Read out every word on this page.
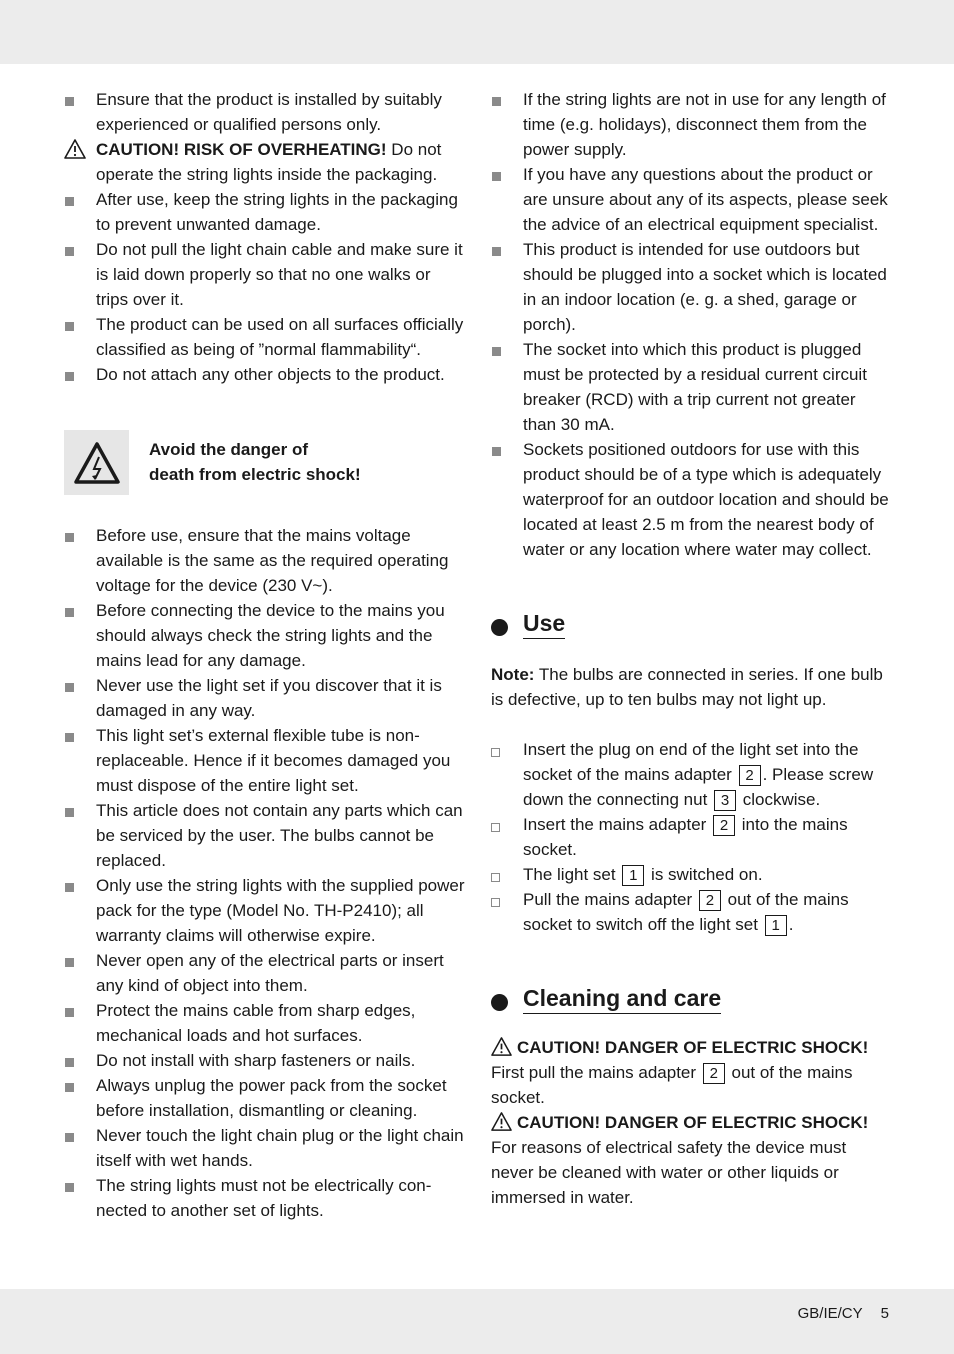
Ensure that the product is installed by suitably experienced or qualified persons only.

CAUTION! RISK OF OVERHEATING! Do not operate the string lights inside the packaging.

After use, keep the string lights in the packaging to prevent unwanted damage.

Do not pull the light chain cable and make sure it is laid down properly so that no one walks or trips over it.

The product can be used on all surfaces officially classified as being of ”normal flammability“.

Do not attach any other objects to the product.

Avoid the danger of
death from electric shock!

Before use, ensure that the mains voltage available is the same as the required operating voltage for the device (230 V~).

Before connecting the device to the mains you should always check the string lights and the mains lead for any damage.

Never use the light set if you discover that it is damaged in any way.

This light set’s external flexible tube is non-replaceable. Hence if it becomes damaged you must dispose of the entire light set.

This article does not contain any parts which can be serviced by the user. The bulbs cannot be replaced.

Only use the string lights with the supplied power pack for the type (Model No. TH-P2410); all warranty claims will otherwise expire.

Never open any of the electrical parts or insert any kind of object into them.

Protect the mains cable from sharp edges, mechanical loads and hot surfaces.

Do not install with sharp fasteners or nails.

Always unplug the power pack from the socket before installation, dismantling or cleaning.

Never touch the light chain plug or the light chain itself with wet hands.

The string lights must not be electrically connected to another set of lights.

If the string lights are not in use for any length of time (e.g. holidays), disconnect them from the power supply.

If you have any questions about the product or are unsure about any of its aspects, please seek the advice of an electrical equipment specialist.

This product is intended for use outdoors but should be plugged into a socket which is located in an indoor location (e. g. a shed, garage or porch).

The socket into which this product is plugged must be protected by a residual current circuit breaker (RCD) with a trip current not greater than 30 mA.

Sockets positioned outdoors for use with this product should be of a type which is adequately waterproof for an outdoor location and should be located at least 2.5 m from the nearest body of water or any location where water may collect.

Use

Note: The bulbs are connected in series. If one bulb is defective, up to ten bulbs may not light up.

Insert the plug on end of the light set into the socket of the mains adapter 2 . Please screw down the connecting nut 3 clockwise.

Insert the mains adapter 2 into the mains socket.

The light set 1 is switched on.

Pull the mains adapter 2 out of the mains socket to switch off the light set 1 .

Cleaning and care

CAUTION! DANGER OF ELECTRIC SHOCK!

First pull the mains adapter 2 out of the mains socket.

CAUTION! DANGER OF ELECTRIC SHOCK!

For reasons of electrical safety the device must never be cleaned with water or other liquids or immersed in water.

GB/IE/CY 5
